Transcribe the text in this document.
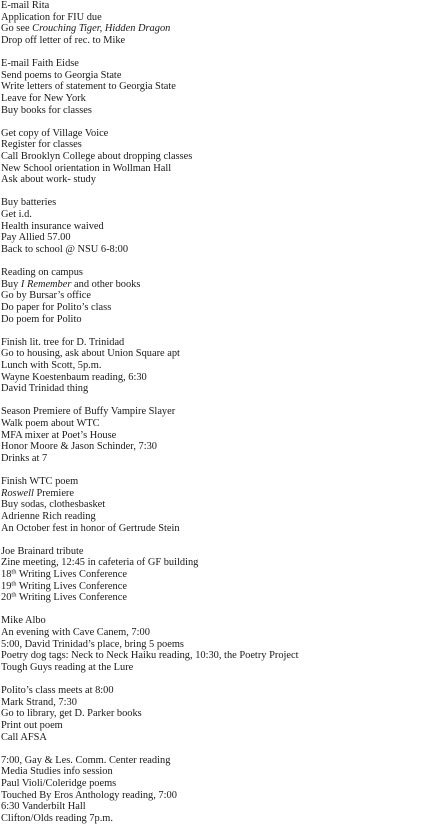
E-mail Rita
Application for FIU due
Go see Crouching Tiger, Hidden Dragon
Drop off letter of rec. to Mike
E-mail Faith Eidse
Send poems to Georgia State
Write letters of statement to Georgia State
Leave for New York
Buy books for classes
Get copy of Village Voice
Register for classes
Call Brooklyn College about dropping classes
New School orientation in Wollman Hall
Ask about work- study
Buy batteries
Get i.d.
Health insurance waived
Pay Allied 57.00
Back to school @ NSU 6-8:00
Reading on campus
Buy I Remember and other books
Go by Bursar’s office
Do paper for Polito’s class
Do poem for Polito
Finish lit. tree for D. Trinidad
Go to housing, ask about Union Square apt
Lunch with Scott, 5p.m.
Wayne Koestenbaum reading, 6:30
David Trinidad thing
Season Premiere of Buffy Vampire Slayer
Walk poem about WTC
MFA mixer at Poet’s House
Honor Moore & Jason Schinder, 7:30
Drinks at 7
Finish WTC poem
Roswell Premiere
Buy sodas, clothesbasket
Adrienne Rich reading
An October fest in honor of Gertrude Stein
Joe Brainard tribute
Zine meeting, 12:45 in cafeteria of GF building
18th Writing Lives Conference
19th Writing Lives Conference
20th Writing Lives Conference
Mike Albo
An evening with Cave Canem, 7:00
5:00, David Trinidad’s place, bring 5 poems
Poetry dog tags: Neck to Neck Haiku reading, 10:30, the Poetry Project
Tough Guys reading at the Lure
Polito’s class meets at 8:00
Mark Strand, 7:30
Go to library, get D. Parker books
Print out poem
Call AFSA
7:00, Gay & Les. Comm. Center reading
Media Studies info session
Paul Violi/Coleridge poems
Touched By Eros Anthology reading, 7:00
6:30 Vanderbilt Hall
Clifton/Olds reading 7p.m.
